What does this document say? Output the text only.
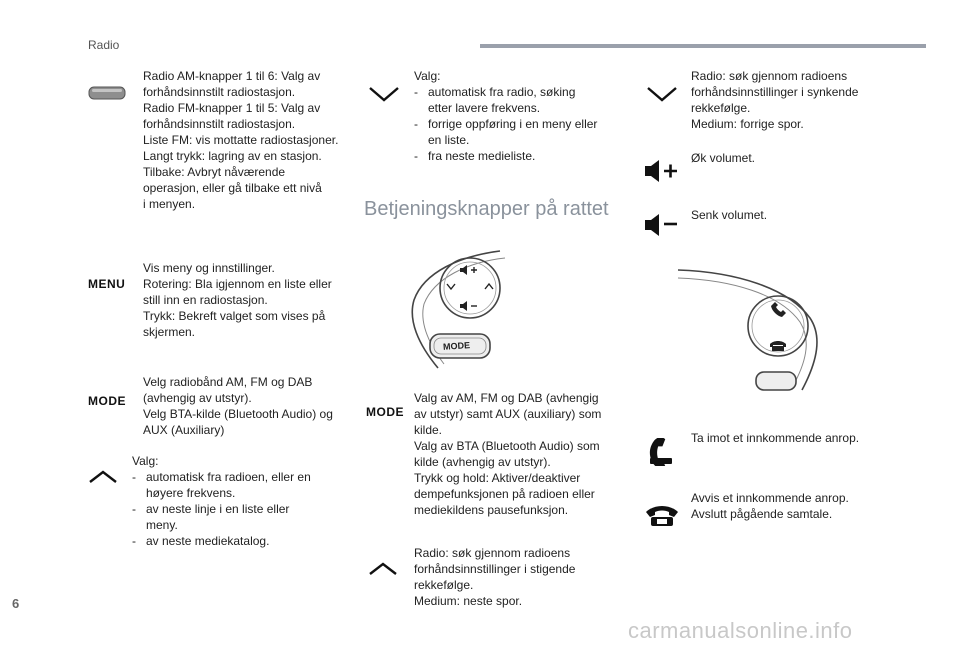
Radio
Radio AM-knapper 1 til 6: Valg av
forhåndsinnstilt radiostasjon.
Radio FM-knapper 1 til 5: Valg av
forhåndsinnstilt radiostasjon.
Liste FM: vis mottatte radiostasjoner.
Langt trykk: lagring av en stasjon.
Tilbake: Avbryt nåværende
operasjon, eller gå tilbake ett nivå
i menyen.
MENU
Vis meny og innstillinger.
Rotering: Bla igjennom en liste eller
still inn en radiostasjon.
Trykk: Bekreft valget som vises på
skjermen.
MODE
Velg radiobånd AM, FM og DAB
(avhengig av utstyr).
Velg BTA-kilde (Bluetooth Audio) og
AUX (Auxiliary)
Valg:
- automatisk fra radioen, eller en
høyere frekvens.
- av neste linje i en liste eller
meny.
- av neste mediekatalog.
Valg:
- automatisk fra radio, søking
etter lavere frekvens.
- forrige oppføring i en meny eller
en liste.
- fra neste medieliste.
Betjeningsknapper på rattet
MODE
MODE
Valg av AM, FM og DAB (avhengig
av utstyr) samt AUX (auxiliary) som
kilde.
Valg av BTA (Bluetooth Audio) som
kilde (avhengig av utstyr).
Trykk og hold: Aktiver/deaktiver
dempefunksjonen på radioen eller
mediekildens pausefunksjon.
Radio: søk gjennom radioens
forhåndsinnstillinger i stigende
rekkefølge.
Medium: neste spor.
Radio: søk gjennom radioens
forhåndsinnstillinger i synkende
rekkefølge.
Medium: forrige spor.
Øk volumet.
Senk volumet.
Ta imot et innkommende anrop.
Avvis et innkommende anrop.
Avslutt pågående samtale.
6
carmanualsonline.info
